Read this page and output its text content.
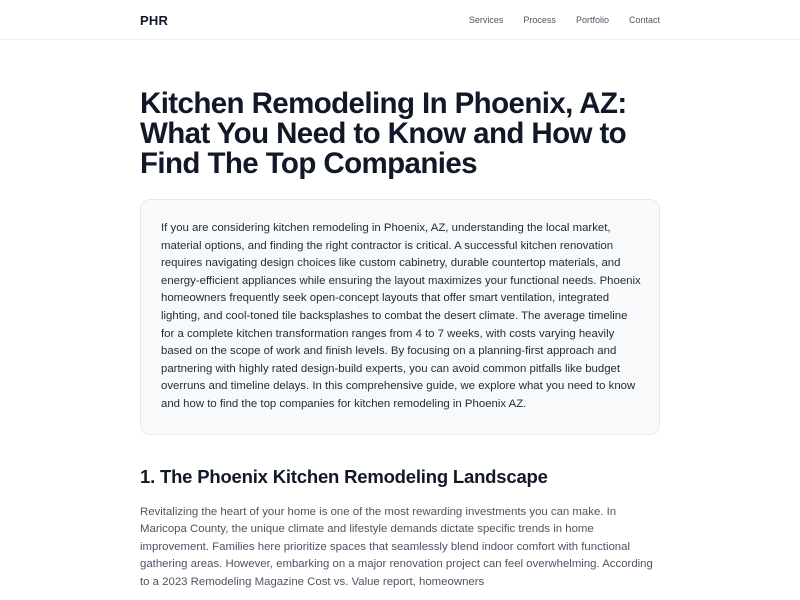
PHR	Services Process Portfolio Contact
Kitchen Remodeling In Phoenix, AZ: What You Need to Know and How to Find The Top Companies

If you are considering kitchen remodeling in Phoenix, AZ, understanding the local market, material options, and finding the right contractor is critical. A successful kitchen renovation requires navigating design choices like custom cabinetry, durable countertop materials, and energy-efficient appliances while ensuring the layout maximizes your functional needs. Phoenix homeowners frequently seek open-concept layouts that offer smart ventilation, integrated lighting, and cool-toned tile backsplashes to combat the desert climate. The average timeline for a complete kitchen transformation ranges from 4 to 7 weeks, with costs varying heavily based on the scope of work and finish levels. By focusing on a planning-first approach and partnering with highly rated design-build experts, you can avoid common pitfalls like budget overruns and timeline delays. In this comprehensive guide, we explore what you need to know and how to find the top companies for kitchen remodeling in Phoenix AZ.

1. The Phoenix Kitchen Remodeling Landscape

Revitalizing the heart of your home is one of the most rewarding investments you can make. In Maricopa County, the unique climate and lifestyle demands dictate specific trends in home improvement. Families here prioritize spaces that seamlessly blend indoor comfort with functional gathering areas. However, embarking on a major renovation project can feel overwhelming. According to a 2023 Remodeling Magazine Cost vs. Value report, homeowners
